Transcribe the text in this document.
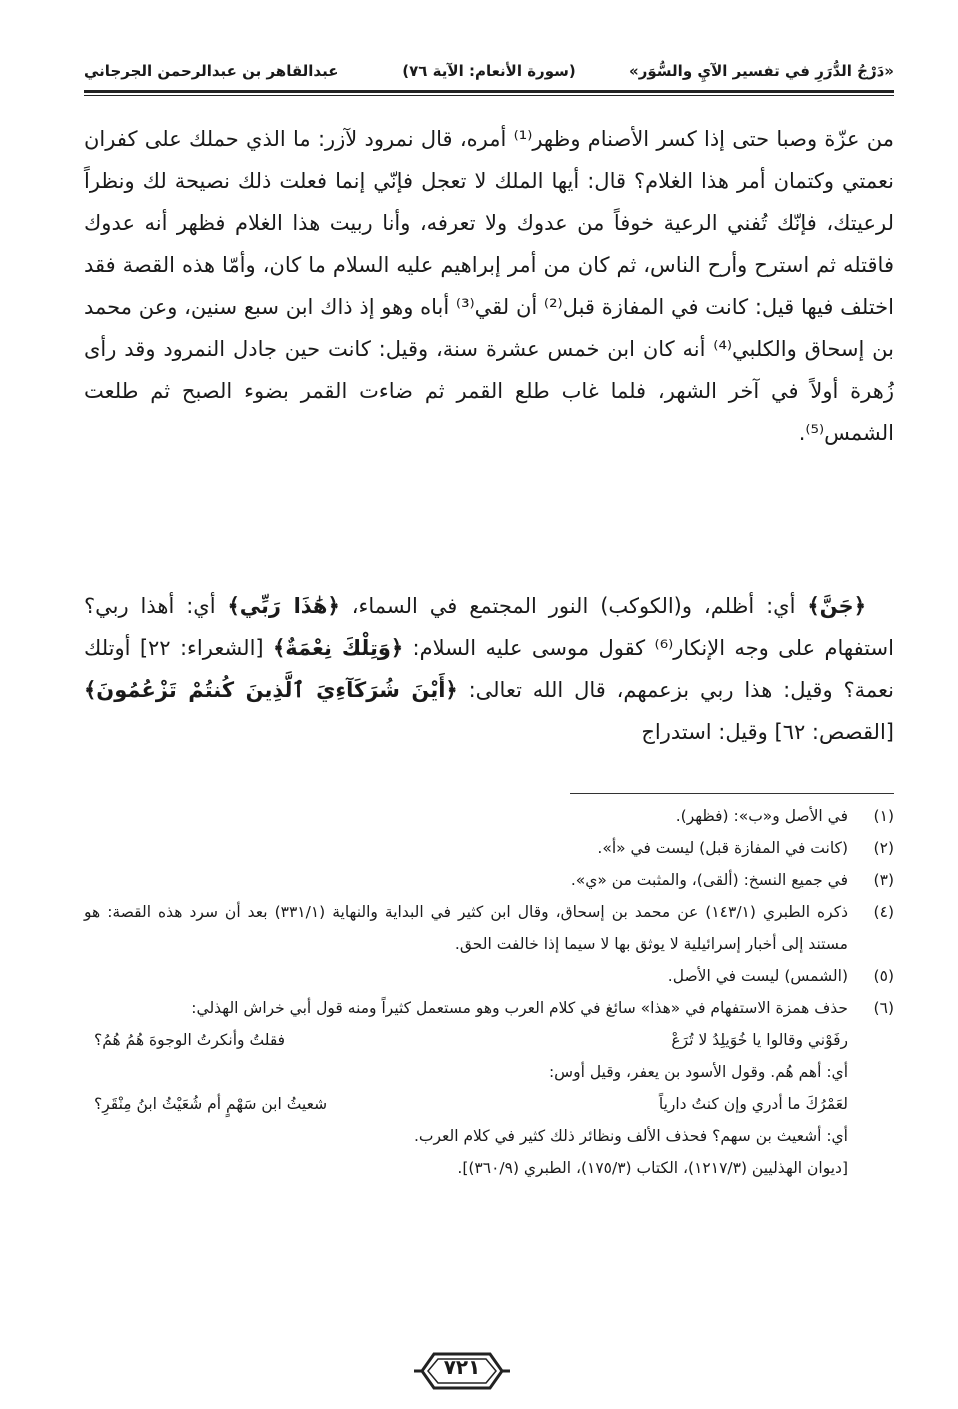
«دَرْجُ الدُّرَرِ في تفسير الآيِ والسُّوَر»
(سورة الأنعام: الآية ٧٦)
عبدالقاهر بن عبدالرحمن الجرجاني

من عزّة وصبا حتى إذا كسر الأصنام وظهر⁽¹⁾ أمره، قال نمرود لآزر: ما الذي حملك على كفران نعمتي وكتمان أمر هذا الغلام؟ قال: أيها الملك لا تعجل فإنّي إنما فعلت ذلك نصيحة لك ونظراً لرعيتك، فإنّك تُفني الرعية خوفاً من عدوك ولا تعرفه، وأنا ربيت هذا الغلام فظهر أنه عدوك فاقتله ثم استرح وأرح الناس، ثم كان من أمر إبراهيم عليه السلام ما كان، وأمّا هذه القصة فقد اختلف فيها قيل: كانت في المفازة قبل⁽²⁾ أن لقي⁽³⁾ أباه وهو إذ ذاك ابن سبع سنين، وعن محمد بن إسحاق والكلبي⁽⁴⁾ أنه كان ابن خمس عشرة سنة، وقيل: كانت حين جادل النمرود وقد رأى زُهرة أولاً في آخر الشهر، فلما غاب طلع القمر ثم ضاءت القمر بضوء الصبح ثم طلعت الشمس⁽⁵⁾.

﴿جَنَّ﴾ أي: أظلم، و(الكوكب) النور المجتمع في السماء، ﴿هَٰذَا رَبِّي﴾ أي: أهذا ربي؟ استفهام على وجه الإنكار⁽⁶⁾ كقول موسى عليه السلام: ﴿وَتِلْكَ نِعْمَةٌ﴾ [الشعراء: ٢٢] أوتلك نعمة؟ وقيل: هذا ربي بزعمهم، قال الله تعالى: ﴿أَيْنَ شُرَكَآءِيَ ٱلَّذِينَ كُنتُمْ تَزْعُمُونَ﴾ [القصص: ٦٢] وقيل: استدراج

(١)
في الأصل و«ب»: (فظهر).
(٢)
(كانت في المفازة قبل) ليست في «أ».
(٣)
في جميع النسخ: (ألقى)، والمثبت من «ي».
(٤)
ذكره الطبري (١٤٣/١) عن محمد بن إسحاق، وقال ابن كثير في البداية والنهاية (٣٣١/١) بعد أن سرد هذه القصة: هو مستند إلى أخبار إسرائيلية لا يوثق بها لا سيما إذا خالفت الحق.
(٥)
(الشمس) ليست في الأصل.
(٦)
حذف همزة الاستفهام في «هذا» سائغ في كلام العرب وهو مستعمل كثيراً ومنه قول أبي خراش الهذلي:
رفَوْني وقالوا يا خُوَيلِدُ لا تُرَعْ
فقلتُ وأنكرتُ الوجوهَ هُمُ هُمُ؟
أي: أهم هُم. وقول الأسود بن يعفر، وقيل أوس:
لعَمْرُكَ ما أدري وإن كنتُ دارياً
شعيثُ ابن سَهْمٍ أم شُعَيْثُ ابنُ مِنْقَرِ؟
أي: أشعيث بن سهم؟ فحذف الألف ونظائر ذلك كثير في كلام العرب.
[ديوان الهذليين (١٢١٧/٣)، الكتاب (١٧٥/٣)، الطبري (٣٦٠/٩)].
٧٢١
